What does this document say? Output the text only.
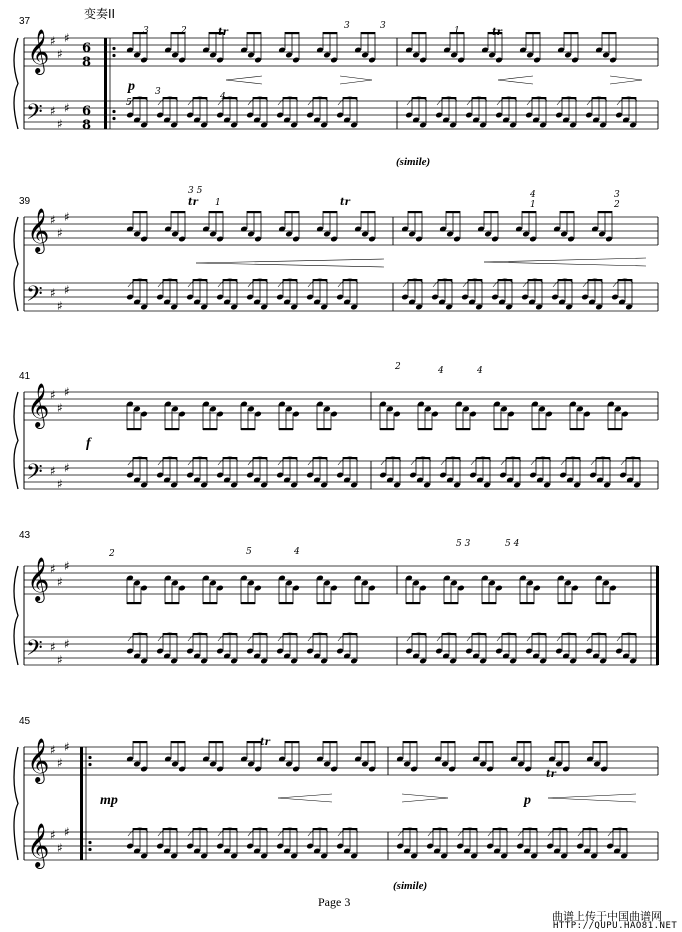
𝄞 ♯
♯
♯
𝄢 ♯
♯
♯
𝄞 ♯
♯
♯
𝄢 ♯
♯
♯
𝄞 ♯
♯
♯
𝄢 ♯
♯
♯
𝄞 ♯
♯
♯
𝄢 ♯
♯
♯
𝄞 ♯
♯
♯
𝄞 ♯
♯
♯
6
8
6
8
变奏II
37
39
41
43
45
p
f
mp	p
(simile)
(simile)
3	2	tr
3	3	1	tr
5
3	4
3 5
tr 1	tr
4
1
3
2
2	4	4
2	5	4
5 3	5 4
tr
tr
Page 3
曲谱上传于中国曲谱网
HTTP://QUPU.HAO81.NET
